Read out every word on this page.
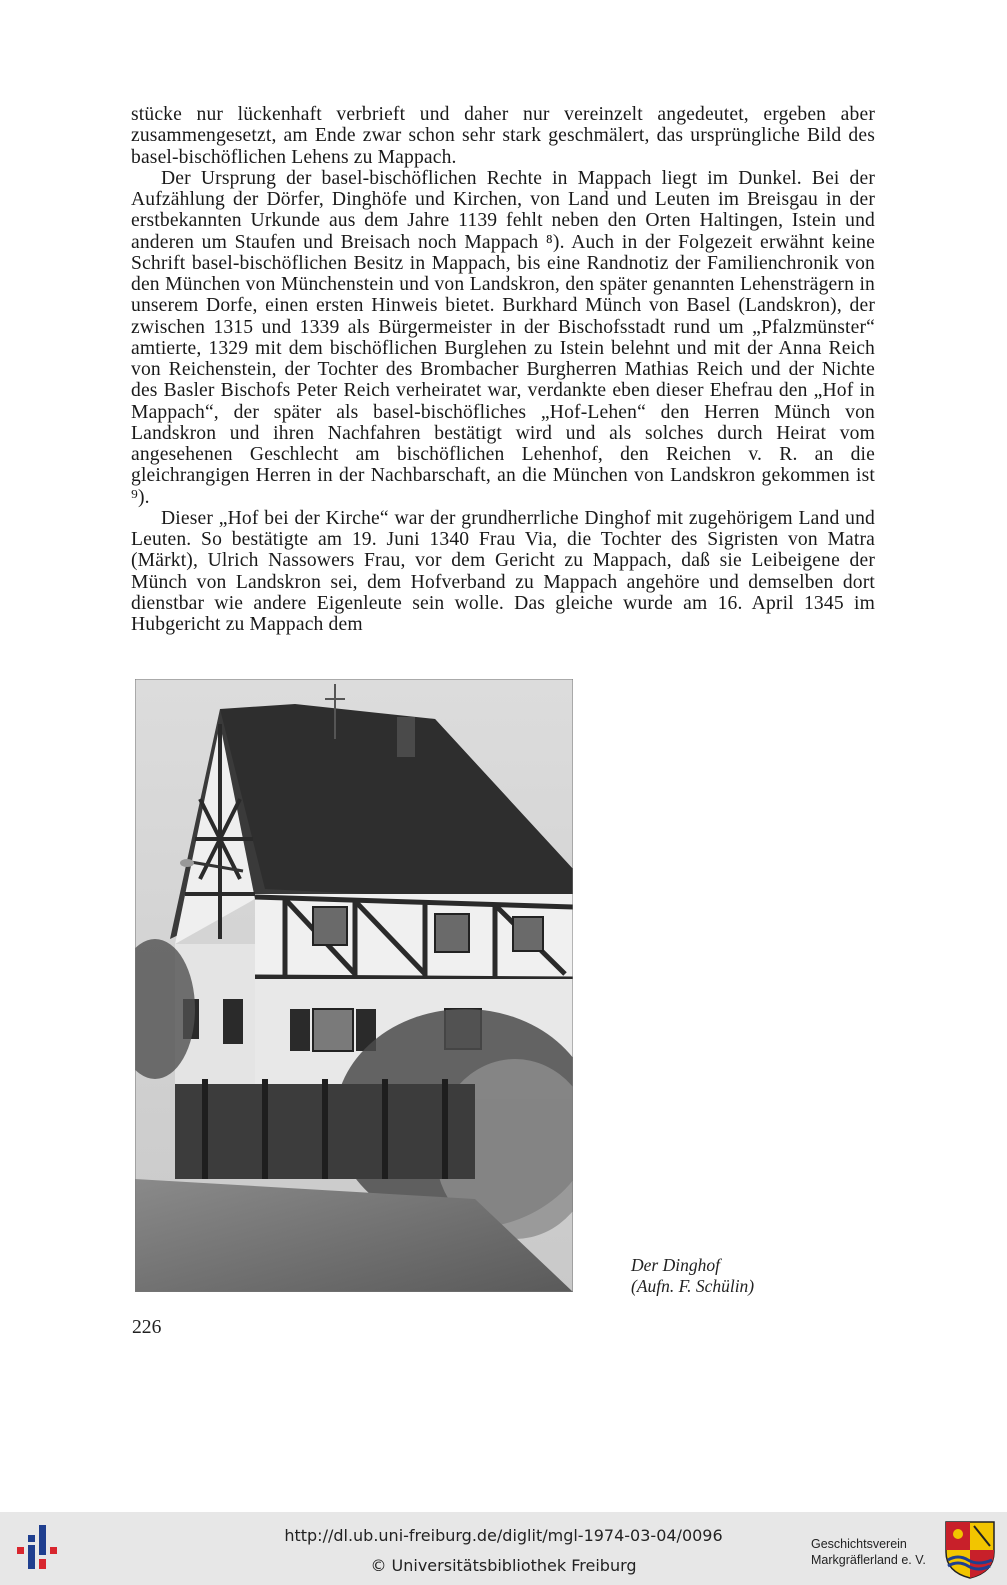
stücke nur lückenhaft verbrieft und daher nur vereinzelt angedeutet, ergeben aber zusammengesetzt, am Ende zwar schon sehr stark geschmälert, das ursprüngliche Bild des basel-bischöflichen Lehens zu Mappach.

Der Ursprung der basel-bischöflichen Rechte in Mappach liegt im Dunkel. Bei der Aufzählung der Dörfer, Dinghöfe und Kirchen, von Land und Leuten im Breisgau in der erstbekannten Urkunde aus dem Jahre 1139 fehlt neben den Orten Haltingen, Istein und anderen um Staufen und Breisach noch Mappach ⁸). Auch in der Folgezeit erwähnt keine Schrift basel-bischöflichen Besitz in Mappach, bis eine Randnotiz der Familienchronik von den München von Münchenstein und von Landskron, den später genannten Lehensträgern in unserem Dorfe, einen ersten Hinweis bietet. Burkhard Münch von Basel (Landskron), der zwischen 1315 und 1339 als Bürgermeister in der Bischofsstadt rund um „Pfalzmünster“ amtierte, 1329 mit dem bischöflichen Burglehen zu Istein belehnt und mit der Anna Reich von Reichenstein, der Tochter des Brombacher Burgherren Mathias Reich und der Nichte des Basler Bischofs Peter Reich verheiratet war, verdankte eben dieser Ehefrau den „Hof in Mappach“, der später als basel-bischöfliches „Hof-Lehen“ den Herren Münch von Landskron und ihren Nachfahren bestätigt wird und als solches durch Heirat vom angesehenen Geschlecht am bischöflichen Lehenhof, den Reichen v. R. an die gleichrangigen Herren in der Nachbarschaft, an die München von Landskron gekommen ist ⁹).

Dieser „Hof bei der Kirche“ war der grundherrliche Dinghof mit zugehörigem Land und Leuten. So bestätigte am 19. Juni 1340 Frau Via, die Tochter des Sigristen von Matra (Märkt), Ulrich Nassowers Frau, vor dem Gericht zu Mappach, daß sie Leibeigene der Münch von Landskron sei, dem Hofverband zu Mappach angehöre und demselben dort dienstbar wie andere Eigenleute sein wolle. Das gleiche wurde am 16. April 1345 im Hubgericht zu Mappach dem

Der Dinghof
(Aufn. F. Schülin)
226
http://dl.ub.uni-freiburg.de/diglit/mgl-1974-03-04/0096
© Universitätsbibliothek Freiburg
Geschichtsverein
Markgräflerland e. V.
